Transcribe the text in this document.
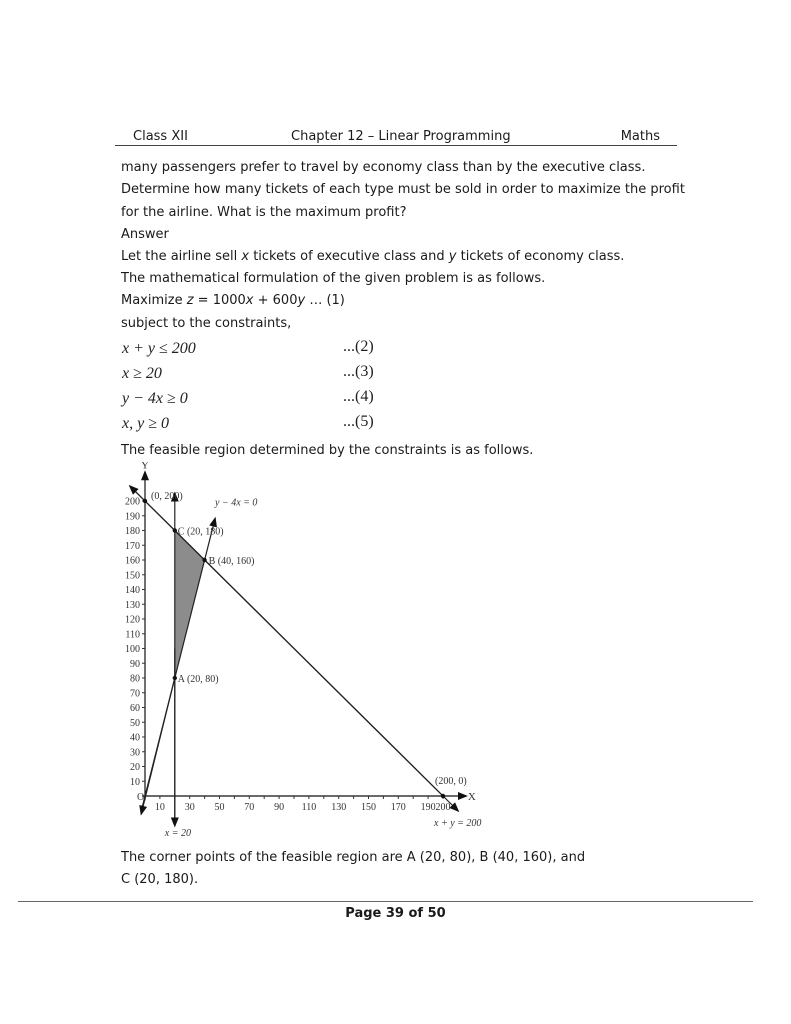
Class XII	Chapter 12 – Linear Programming	Maths
many passengers prefer to travel by economy class than by the executive class.
Determine how many tickets of each type must be sold in order to maximize the profit
for the airline. What is the maximum profit?
Answer
Let the airline sell x tickets of executive class and y tickets of economy class.
The mathematical formulation of the given problem is as follows.
Maximize z = 1000x + 600y … (1)
subject to the constraints,
x + y ≤ 200	...(2)
x ≥ 20	...(3)
y − 4x ≥ 0	...(4)
x, y ≥ 0	...(5)
The feasible region determined by the constraints is as follows.
Y
X
O
10
20
30
40
50
60
70
80
90
100
110
120
130
140
150
160
170
180
190
200
10 30 50 70 90 110 130 150 170 190 200
(0, 200)
C (20, 180)
B (40, 160)
A (20, 80)
(200, 0)
y − 4x = 0
x = 20
x + y = 200
The corner points of the feasible region are A (20, 80), B (40, 160), and
C (20, 180).
Page 39 of 50
